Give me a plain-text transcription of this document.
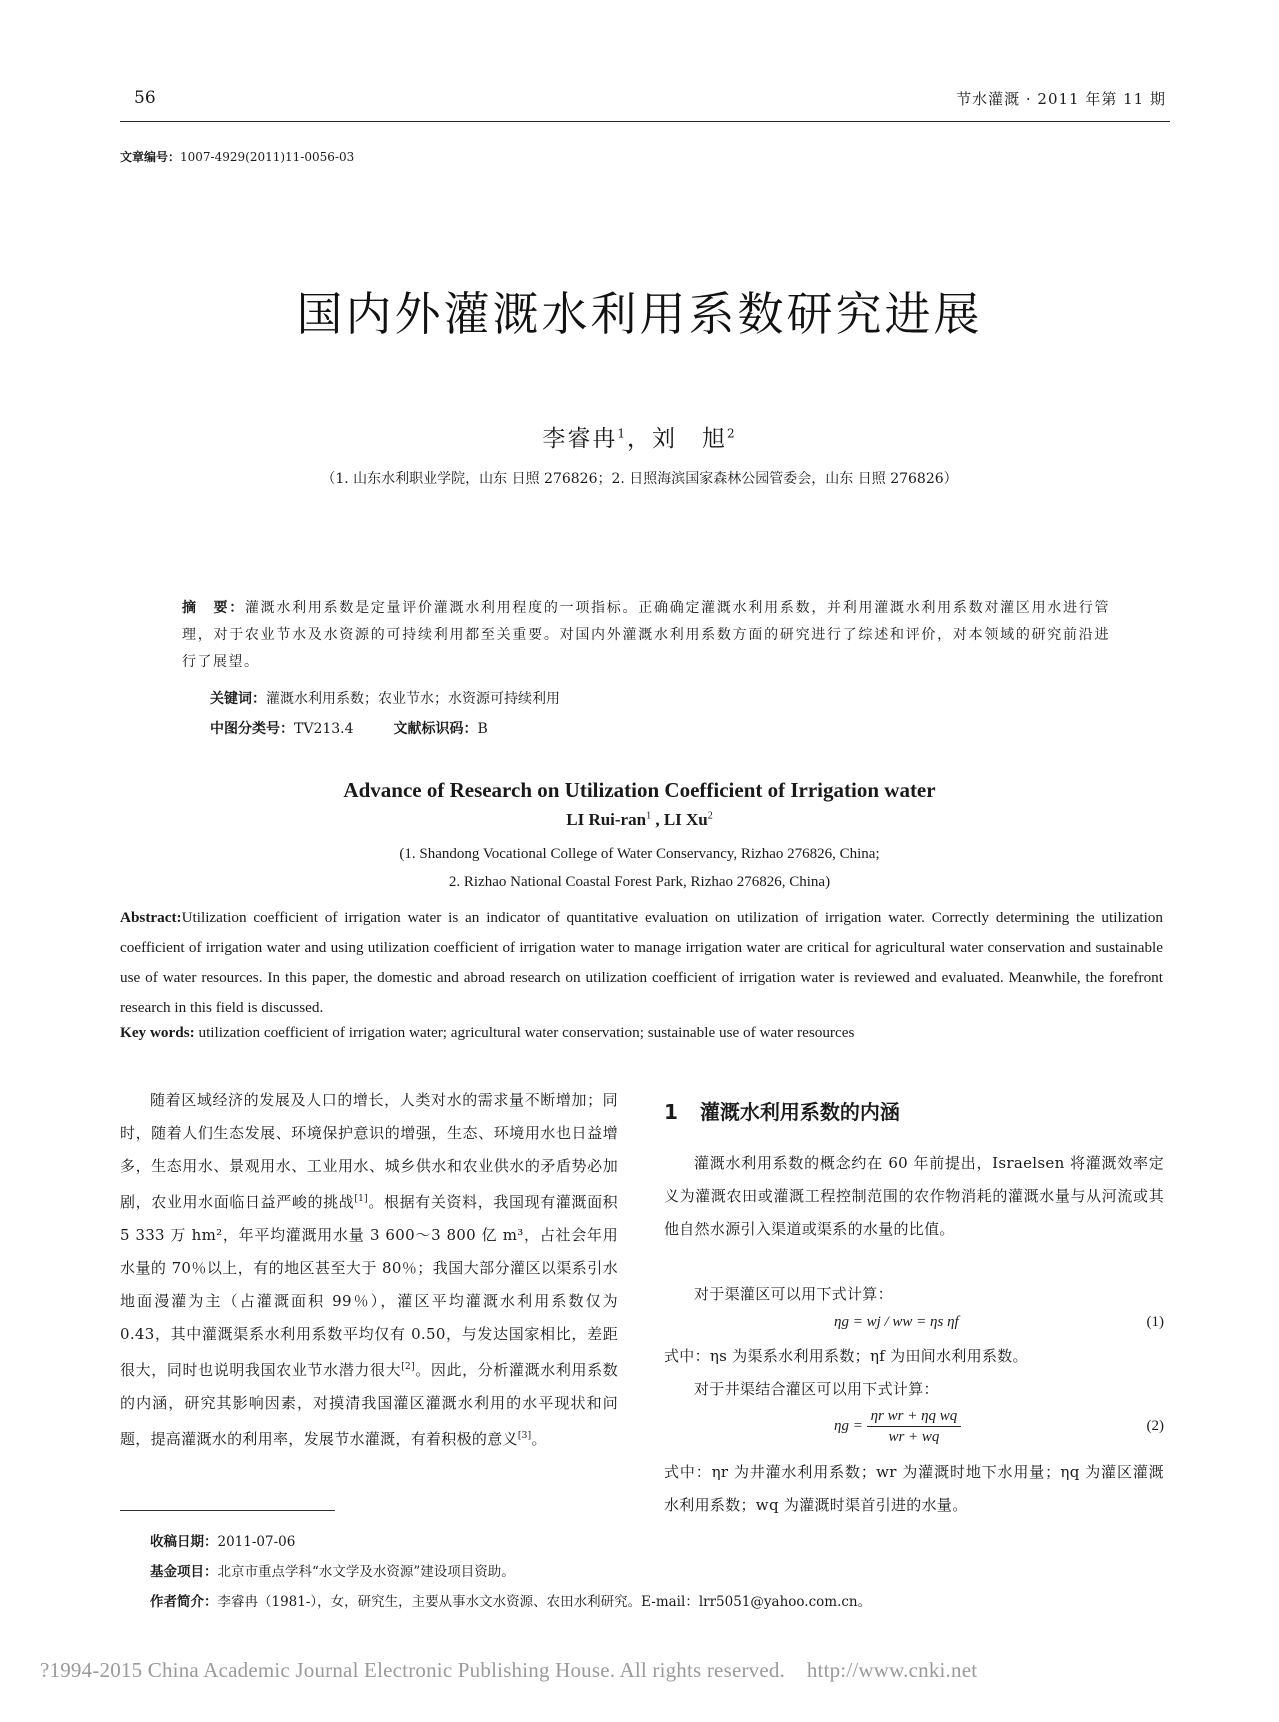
56	节水灌溉 · 2011 年第 11 期
文章编号：1007-4929(2011)11-0056-03
国内外灌溉水利用系数研究进展
李睿冉$^1$，刘　旭$^2$
（1. 山东水利职业学院，山东 日照 276826；2. 日照海滨国家森林公园管委会，山东 日照 276826）
摘　要：灌溉水利用系数是定量评价灌溉水利用程度的一项指标。正确确定灌溉水利用系数，并利用灌溉水利用系数对灌区用水进行管理，对于农业节水及水资源的可持续利用都至关重要。对国内外灌溉水利用系数方面的研究进行了综述和评价，对本领域的研究前沿进行了展望。
关键词：灌溉水利用系数；农业节水；水资源可持续利用
中图分类号：TV213.4	文献标识码：B
Advance of Research on Utilization Coefficient of Irrigation water
LI Rui-ran$^1$ , LI Xu$^2$
(1. Shandong Vocational College of Water Conservancy, Rizhao 276826, China;
2. Rizhao National Coastal Forest Park, Rizhao 276826, China)
Abstract:Utilization coefficient of irrigation water is an indicator of quantitative evaluation on utilization of irrigation water. Correctly determining the utilization coefficient of irrigation water and using utilization coefficient of irrigation water to manage irrigation water are critical for agricultural water conservation and sustainable use of water resources. In this paper, the domestic and abroad research on utilization coefficient of irrigation water is reviewed and evaluated. Meanwhile, the forefront research in this field is discussed.
Key words: utilization coefficient of irrigation water; agricultural water conservation; sustainable use of water resources

随着区域经济的发展及人口的增长，人类对水的需求量不断增加；同时，随着人们生态发展、环境保护意识的增强，生态、环境用水也日益增多，生态用水、景观用水、工业用水、城乡供水和农业供水的矛盾势必加剧，农业用水面临日益严峻的挑战[1]。根据有关资料，我国现有灌溉面积 5 333 万 hm²，年平均灌溉用水量 3 600～3 800 亿 m³，占社会年用水量的 70％以上，有的地区甚至大于 80％；我国大部分灌区以渠系引水地面漫灌为主（占灌溉面积 99％），灌区平均灌溉水利用系数仅为 0.43，其中灌溉渠系水利用系数平均仅有 0.50，与发达国家相比，差距很大，同时也说明我国农业节水潜力很大[2]。因此，分析灌溉水利用系数的内涵，研究其影响因素，对摸清我国灌区灌溉水利用的水平现状和问题，提高灌溉水的利用率，发展节水灌溉，有着积极的意义[3]。

1 灌溉水利用系数的内涵

灌溉水利用系数的概念约在 60 年前提出，Israelsen 将灌溉效率定义为灌溉农田或灌溉工程控制范围的农作物消耗的灌溉水量与从河流或其他自然水源引入渠道或渠系的水量的比值。

对于渠灌区可以用下式计算：

ηg = wj / ww = ηs ηf	(1)

式中：ηs 为渠系水利用系数；ηf 为田间水利用系数。

对于井渠结合灌区可以用下式计算：

$\eta g = \frac{\text{ηr wr + ηq wq}}{wr + wq}$	(2)

式中：ηr 为井灌水利用系数；wr 为灌溉时地下水用量；ηq 为灌区灌溉水利用系数；wq 为灌溉时渠首引进的水量。

收稿日期：2011-07-06
基金项目：北京市重点学科“水文学及水资源”建设项目资助。
作者简介：李睿冉（1981-），女，研究生，主要从事水文水资源、农田水利研究。E-mail：lrr5051@yahoo.com.cn。
?1994-2015 China Academic Journal Electronic Publishing House. All rights reserved.    http://www.cnki.net
